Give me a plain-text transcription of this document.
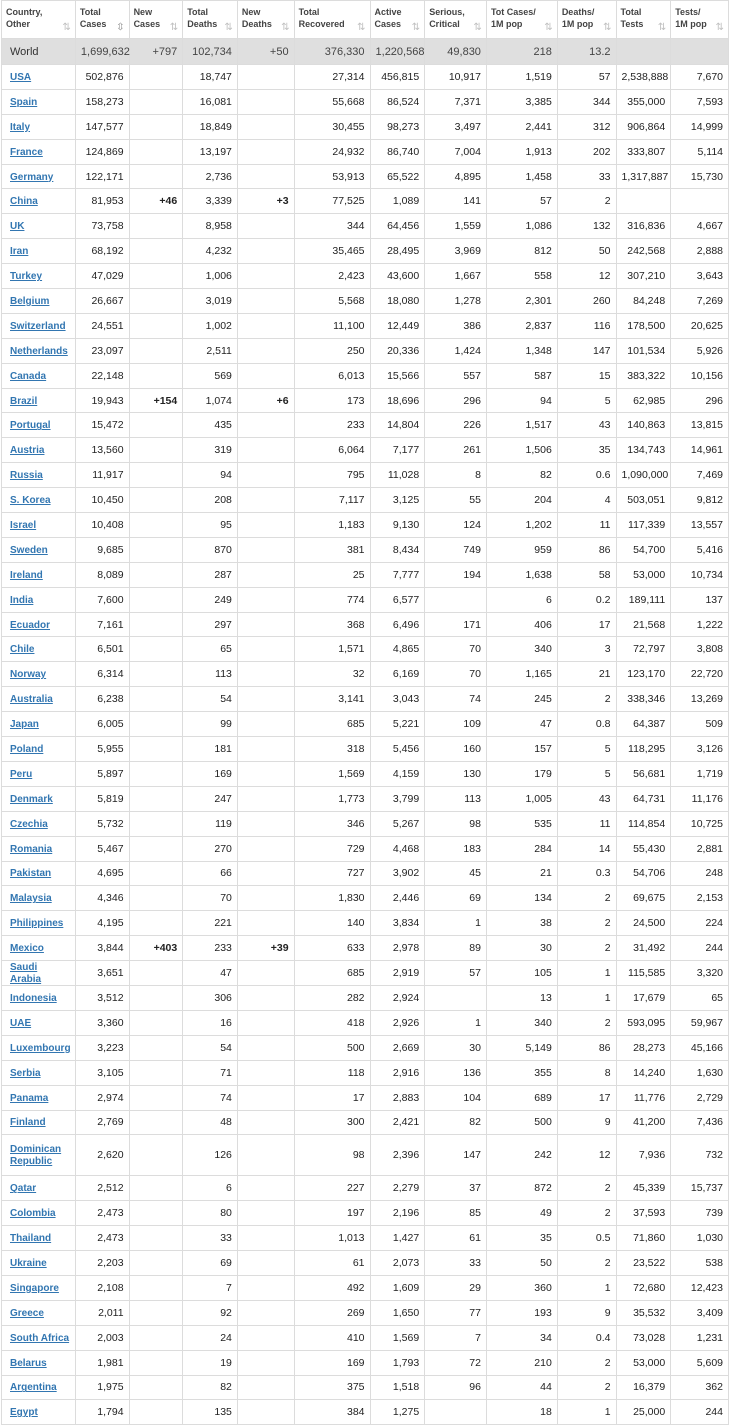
Country, Other ⇅	Total Cases ⇳	New Cases ⇅	Total Deaths ⇅	New Deaths ⇅	Total Recovered ⇅	Active Cases ⇅	Serious, Critical ⇅	Tot Cases/ 1M pop ⇅	Deaths/ 1M pop ⇅	Total Tests ⇅	Tests/ 1M pop ⇅

World	1,699,632	+797	102,734	+50	376,330	1,220,568	49,830	218	13.2		
USA	502,876		18,747		27,314	456,815	10,917	1,519	57	2,538,888	7,670
Spain	158,273		16,081		55,668	86,524	7,371	3,385	344	355,000	7,593
Italy	147,577		18,849		30,455	98,273	3,497	2,441	312	906,864	14,999
France	124,869		13,197		24,932	86,740	7,004	1,913	202	333,807	5,114
Germany	122,171		2,736		53,913	65,522	4,895	1,458	33	1,317,887	15,730
China	81,953	+46	3,339	+3	77,525	1,089	141	57	2		
UK	73,758		8,958		344	64,456	1,559	1,086	132	316,836	4,667
Iran	68,192		4,232		35,465	28,495	3,969	812	50	242,568	2,888
Turkey	47,029		1,006		2,423	43,600	1,667	558	12	307,210	3,643
Belgium	26,667		3,019		5,568	18,080	1,278	2,301	260	84,248	7,269
Switzerland	24,551		1,002		11,100	12,449	386	2,837	116	178,500	20,625
Netherlands	23,097		2,511		250	20,336	1,424	1,348	147	101,534	5,926
Canada	22,148		569		6,013	15,566	557	587	15	383,322	10,156
Brazil	19,943	+154	1,074	+6	173	18,696	296	94	5	62,985	296
Portugal	15,472		435		233	14,804	226	1,517	43	140,863	13,815
Austria	13,560		319		6,064	7,177	261	1,506	35	134,743	14,961
Russia	11,917		94		795	11,028	8	82	0.6	1,090,000	7,469
S. Korea	10,450		208		7,117	3,125	55	204	4	503,051	9,812
Israel	10,408		95		1,183	9,130	124	1,202	11	117,339	13,557
Sweden	9,685		870		381	8,434	749	959	86	54,700	5,416
Ireland	8,089		287		25	7,777	194	1,638	58	53,000	10,734
India	7,600		249		774	6,577		6	0.2	189,111	137
Ecuador	7,161		297		368	6,496	171	406	17	21,568	1,222
Chile	6,501		65		1,571	4,865	70	340	3	72,797	3,808
Norway	6,314		113		32	6,169	70	1,165	21	123,170	22,720
Australia	6,238		54		3,141	3,043	74	245	2	338,346	13,269
Japan	6,005		99		685	5,221	109	47	0.8	64,387	509
Poland	5,955		181		318	5,456	160	157	5	118,295	3,126
Peru	5,897		169		1,569	4,159	130	179	5	56,681	1,719
Denmark	5,819		247		1,773	3,799	113	1,005	43	64,731	11,176
Czechia	5,732		119		346	5,267	98	535	11	114,854	10,725
Romania	5,467		270		729	4,468	183	284	14	55,430	2,881
Pakistan	4,695		66		727	3,902	45	21	0.3	54,706	248
Malaysia	4,346		70		1,830	2,446	69	134	2	69,675	2,153
Philippines	4,195		221		140	3,834	1	38	2	24,500	224
Mexico	3,844	+403	233	+39	633	2,978	89	30	2	31,492	244
Saudi Arabia	3,651		47		685	2,919	57	105	1	115,585	3,320
Indonesia	3,512		306		282	2,924		13	1	17,679	65
UAE	3,360		16		418	2,926	1	340	2	593,095	59,967
Luxembourg	3,223		54		500	2,669	30	5,149	86	28,273	45,166
Serbia	3,105		71		118	2,916	136	355	8	14,240	1,630
Panama	2,974		74		17	2,883	104	689	17	11,776	2,729
Finland	2,769		48		300	2,421	82	500	9	41,200	7,436
Dominican Republic	2,620		126		98	2,396	147	242	12	7,936	732
Qatar	2,512		6		227	2,279	37	872	2	45,339	15,737
Colombia	2,473		80		197	2,196	85	49	2	37,593	739
Thailand	2,473		33		1,013	1,427	61	35	0.5	71,860	1,030
Ukraine	2,203		69		61	2,073	33	50	2	23,522	538
Singapore	2,108		7		492	1,609	29	360	1	72,680	12,423
Greece	2,011		92		269	1,650	77	193	9	35,532	3,409
South Africa	2,003		24		410	1,569	7	34	0.4	73,028	1,231
Belarus	1,981		19		169	1,793	72	210	2	53,000	5,609
Argentina	1,975		82		375	1,518	96	44	2	16,379	362
Egypt	1,794		135		384	1,275		18	1	25,000	244
